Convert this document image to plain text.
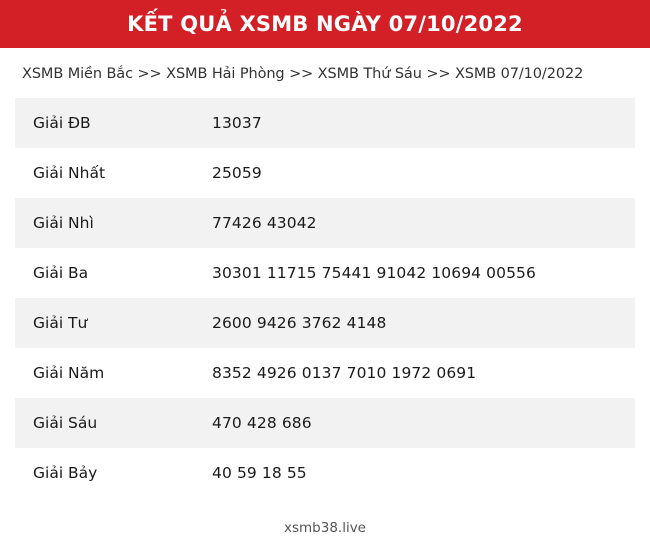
KẾT QUẢ XSMB NGÀY 07/10/2022
XSMB Miền Bắc >> XSMB Hải Phòng >> XSMB Thứ Sáu >> XSMB 07/10/2022
Giải ĐB	13037
Giải Nhất	25059
Giải Nhì	77426 43042
Giải Ba	30301 11715 75441 91042 10694 00556
Giải Tư	2600 9426 3762 4148
Giải Năm	8352 4926 0137 7010 1972 0691
Giải Sáu	470 428 686
Giải Bảy	40 59 18 55
xsmb38.live
